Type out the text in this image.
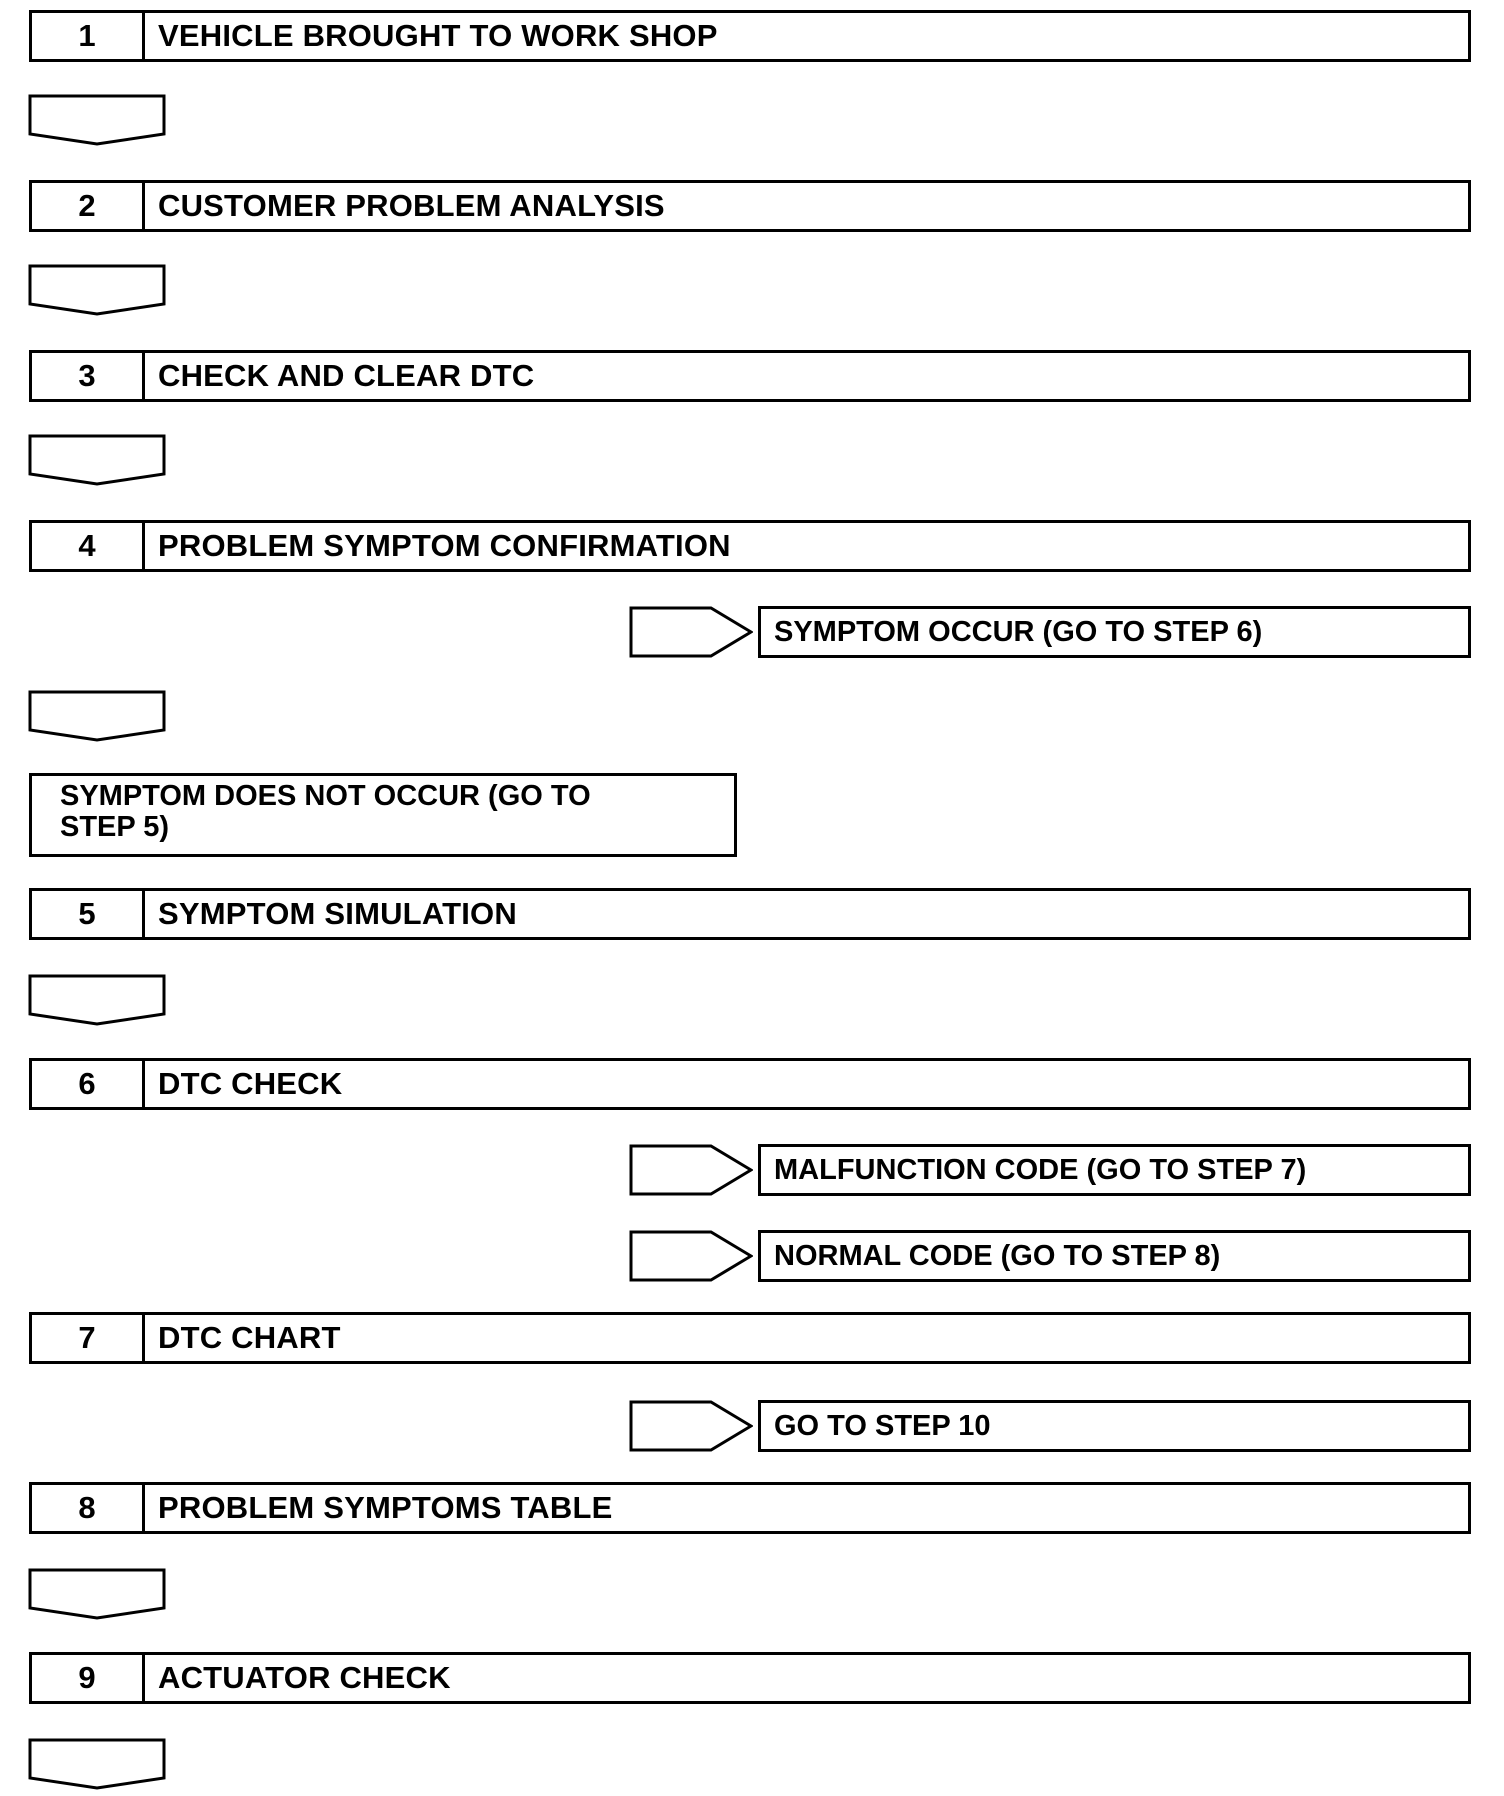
1	VEHICLE BROUGHT TO WORK SHOP
2	CUSTOMER PROBLEM ANALYSIS
3	CHECK AND CLEAR DTC
4	PROBLEM SYMPTOM CONFIRMATION
SYMPTOM OCCUR (GO TO STEP 6)
SYMPTOM DOES NOT OCCUR (GO TO
STEP 5)
5	SYMPTOM SIMULATION
6	DTC CHECK
MALFUNCTION CODE (GO TO STEP 7)
NORMAL CODE (GO TO STEP 8)
7	DTC CHART
GO TO STEP 10
8	PROBLEM SYMPTOMS TABLE
9	ACTUATOR CHECK
